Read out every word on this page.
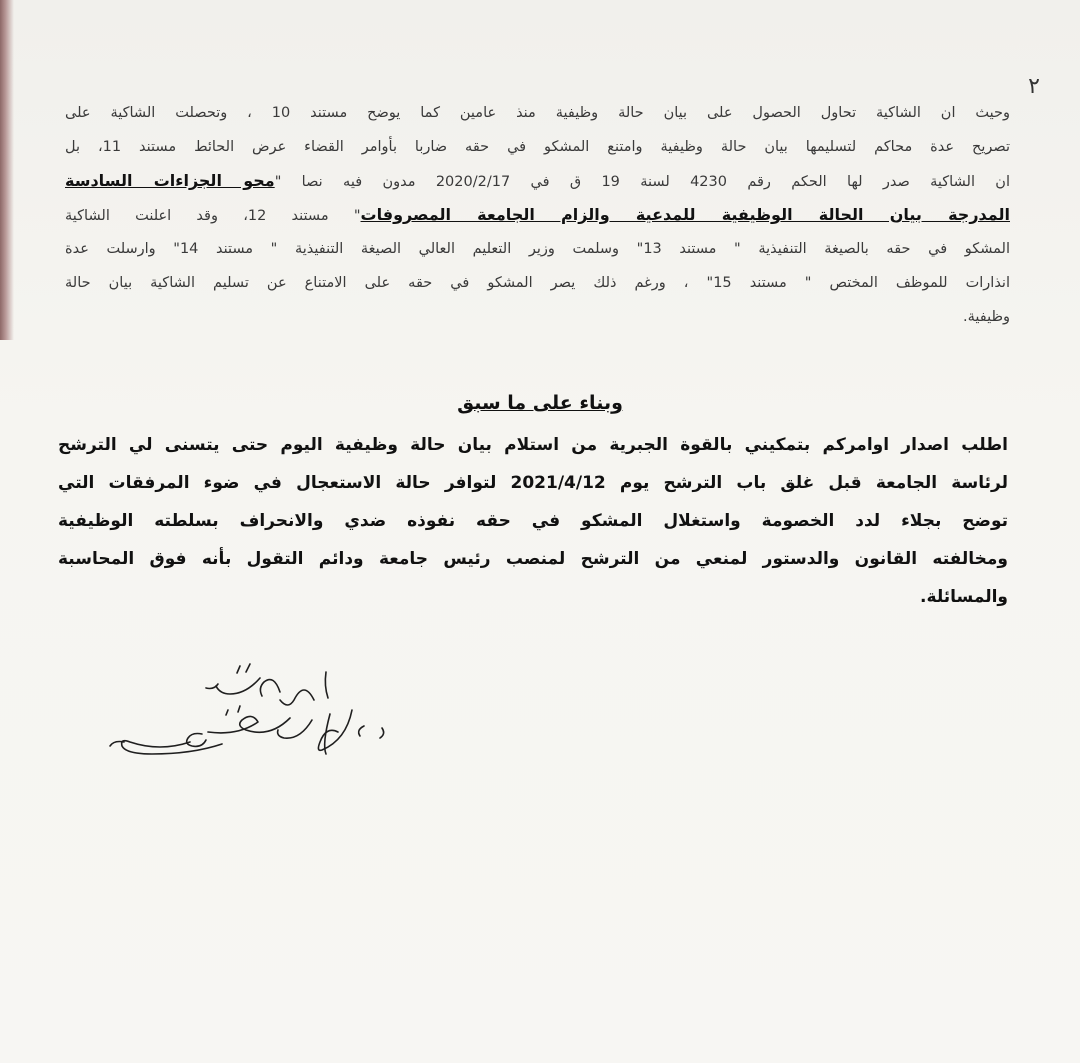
٢
وحيث ان الشاكية تحاول الحصول على بيان حالة وظيفية منذ عامين كما يوضح مستند 10 ، وتحصلت الشاكية على
تصريح عدة محاكم لتسليمها بيان حالة وظيفية وامتنع المشكو في حقه ضاربا بأوامر القضاء عرض الحائط مستند 11، بل
ان الشاكية صدر لها الحكم رقم 4230 لسنة 19 ق في 2020/2/17 مدون فيه نصا "محو الجزاءات السادسة
المدرجة بيان الحالة الوظيفية للمدعية والزام الجامعة المصروفات" مستند 12، وقد اعلنت الشاكية
المشكو في حقه بالصيغة التنفيذية " مستند 13" وسلمت وزير التعليم العالي الصيغة التنفيذية " مستند 14" وارسلت عدة
انذارات للموظف المختص " مستند 15" ، ورغم ذلك يصر المشكو في حقه على الامتناع عن تسليم الشاكية بيان حالة
وظيفية.
وبناء على ما سبق
اطلب اصدار اوامركم بتمكيني بالقوة الجبرية من استلام بيان حالة وظيفية اليوم حتى يتسنى لي الترشح
لرئاسة الجامعة قبل غلق باب الترشح يوم 2021/4/12 لتوافر حالة الاستعجال في ضوء المرفقات التي
توضح بجلاء لدد الخصومة واستغلال المشكو في حقه نفوذه ضدي والانحراف بسلطته الوظيفية
ومخالفته القانون والدستور لمنعي من الترشح لمنصب رئيس جامعة ودائم التقول بأنه فوق المحاسبة
والمسائلة.
